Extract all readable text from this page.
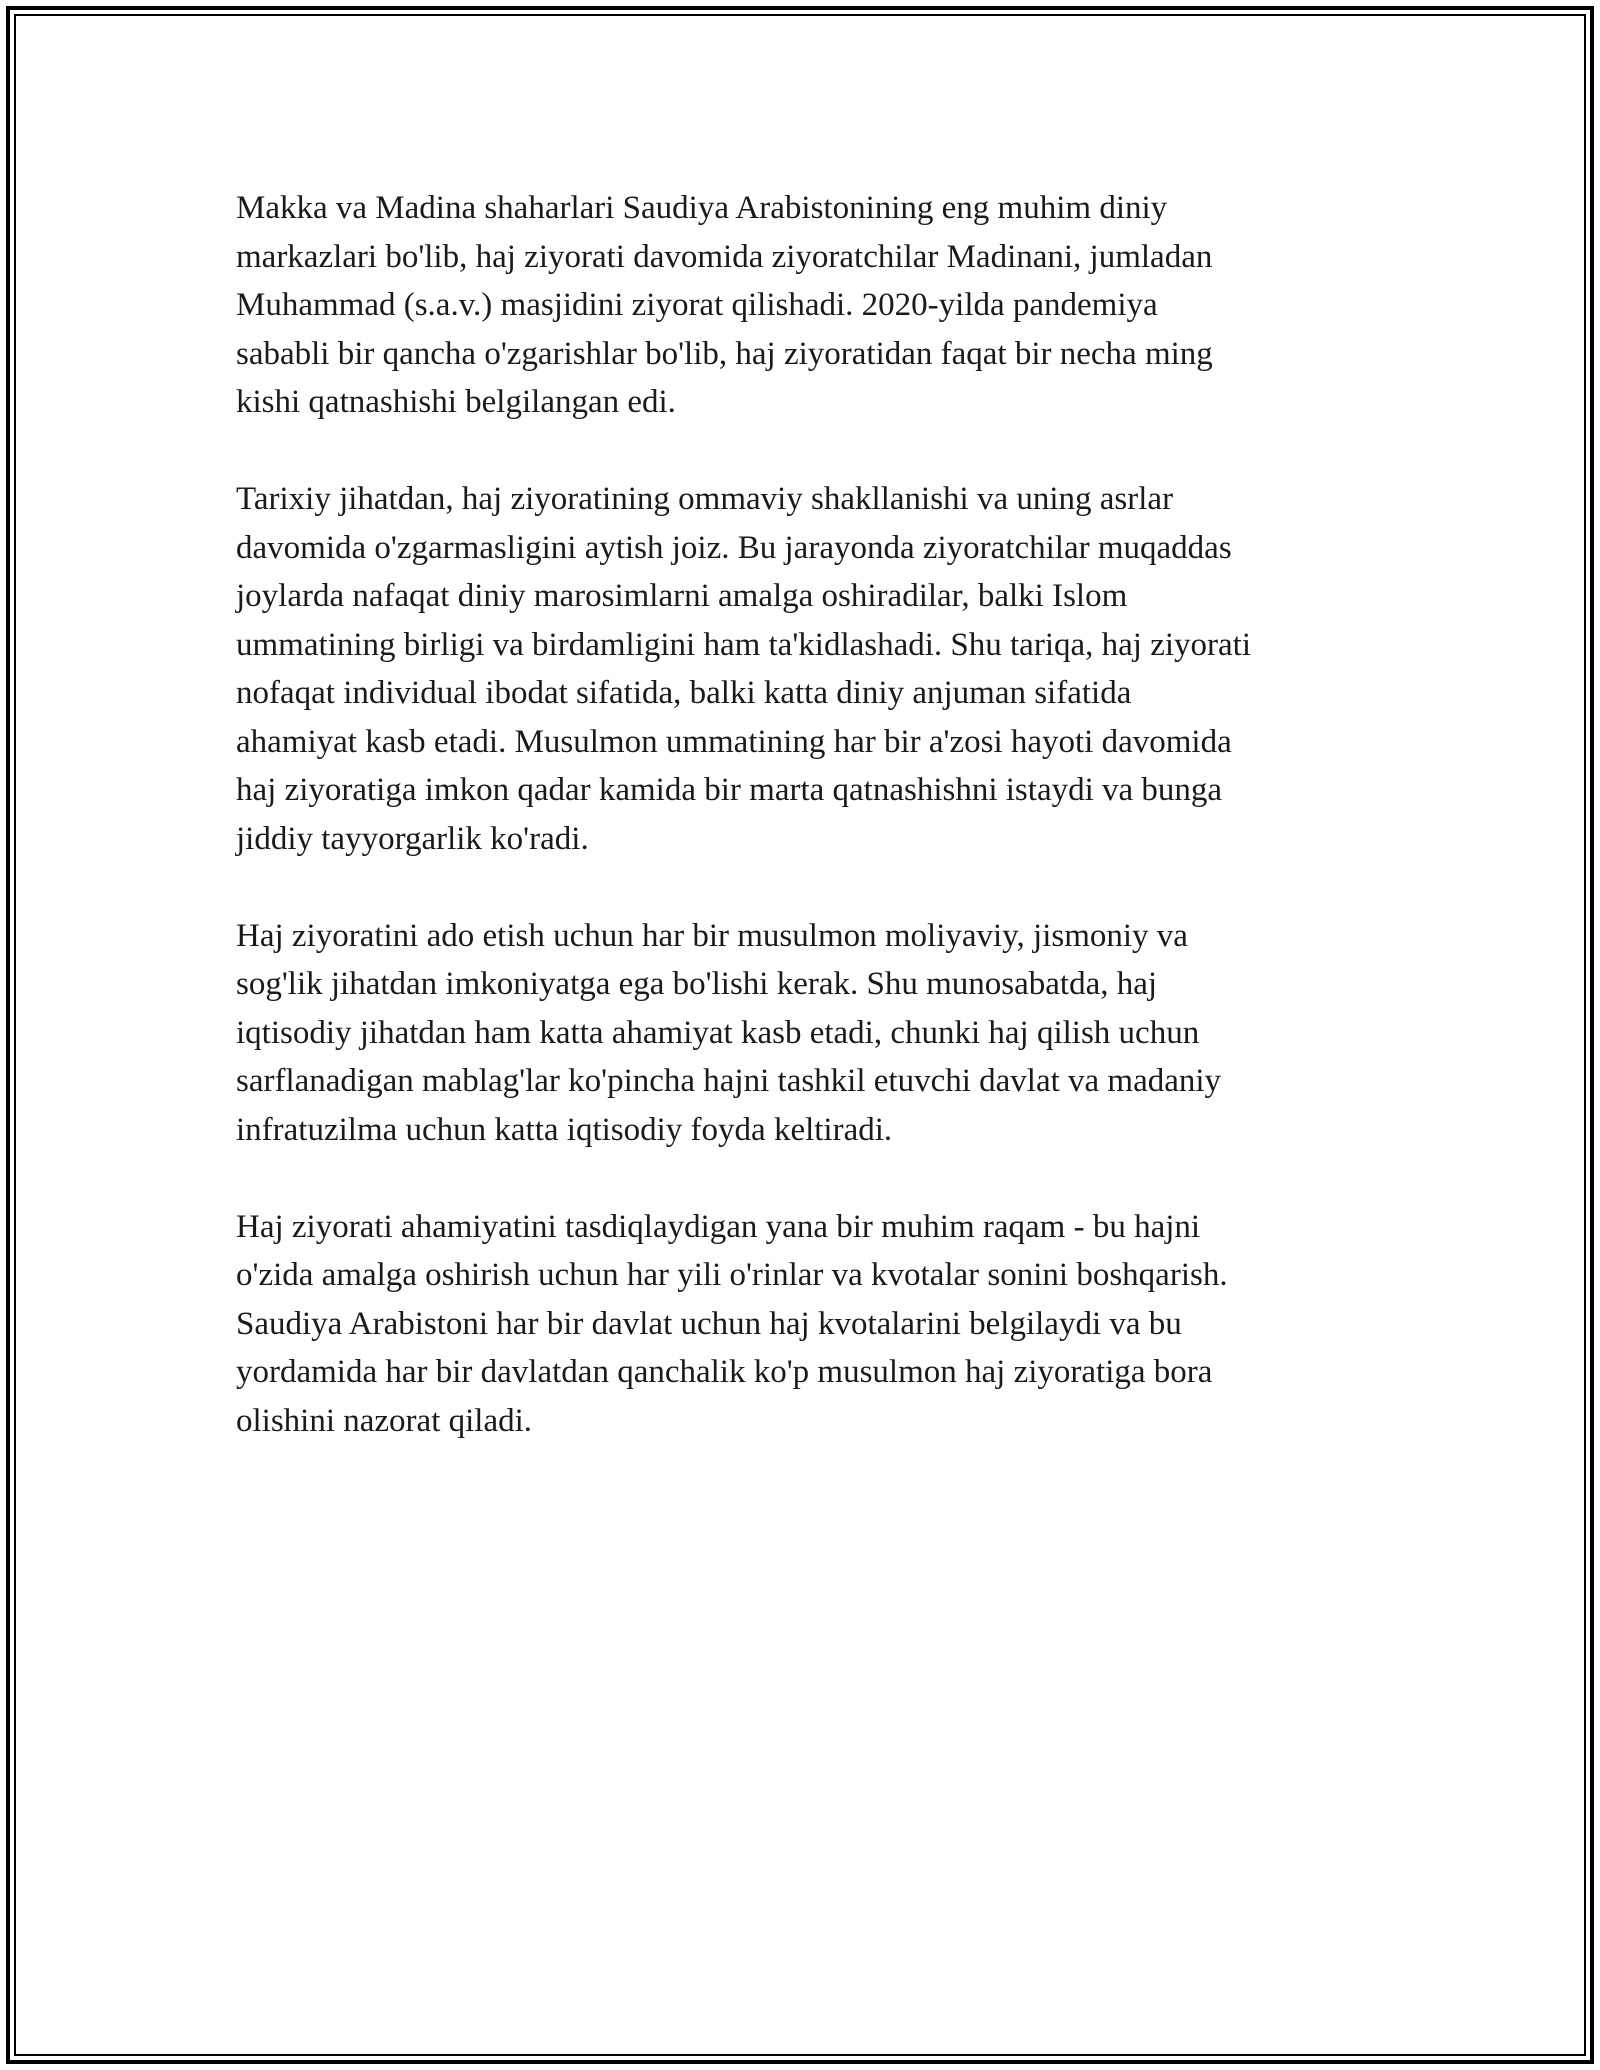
Makka va Madina shaharlari Saudiya Arabistonining eng muhim diniy
markazlari bo'lib, haj ziyorati davomida ziyoratchilar Madinani, jumladan
Muhammad (s.a.v.) masjidini ziyorat qilishadi. 2020-yilda pandemiya
sababli bir qancha o'zgarishlar bo'lib, haj ziyoratidan faqat bir necha ming
kishi qatnashishi belgilangan edi.

Tarixiy jihatdan, haj ziyoratining ommaviy shakllanishi va uning asrlar
davomida o'zgarmasligini aytish joiz. Bu jarayonda ziyoratchilar muqaddas
joylarda nafaqat diniy marosimlarni amalga oshiradilar, balki Islom
ummatining birligi va birdamligini ham ta'kidlashadi. Shu tariqa, haj ziyorati
nofaqat individual ibodat sifatida, balki katta diniy anjuman sifatida
ahamiyat kasb etadi. Musulmon ummatining har bir a'zosi hayoti davomida
haj ziyoratiga imkon qadar kamida bir marta qatnashishni istaydi va bunga
jiddiy tayyorgarlik ko'radi.

Haj ziyoratini ado etish uchun har bir musulmon moliyaviy, jismoniy va
sog'lik jihatdan imkoniyatga ega bo'lishi kerak. Shu munosabatda, haj
iqtisodiy jihatdan ham katta ahamiyat kasb etadi, chunki haj qilish uchun
sarflanadigan mablag'lar ko'pincha hajni tashkil etuvchi davlat va madaniy
infratuzilma uchun katta iqtisodiy foyda keltiradi.

Haj ziyorati ahamiyatini tasdiqlaydigan yana bir muhim raqam - bu hajni
o'zida amalga oshirish uchun har yili o'rinlar va kvotalar sonini boshqarish.
Saudiya Arabistoni har bir davlat uchun haj kvotalarini belgilaydi va bu
yordamida har bir davlatdan qanchalik ko'p musulmon haj ziyoratiga bora
olishini nazorat qiladi.
